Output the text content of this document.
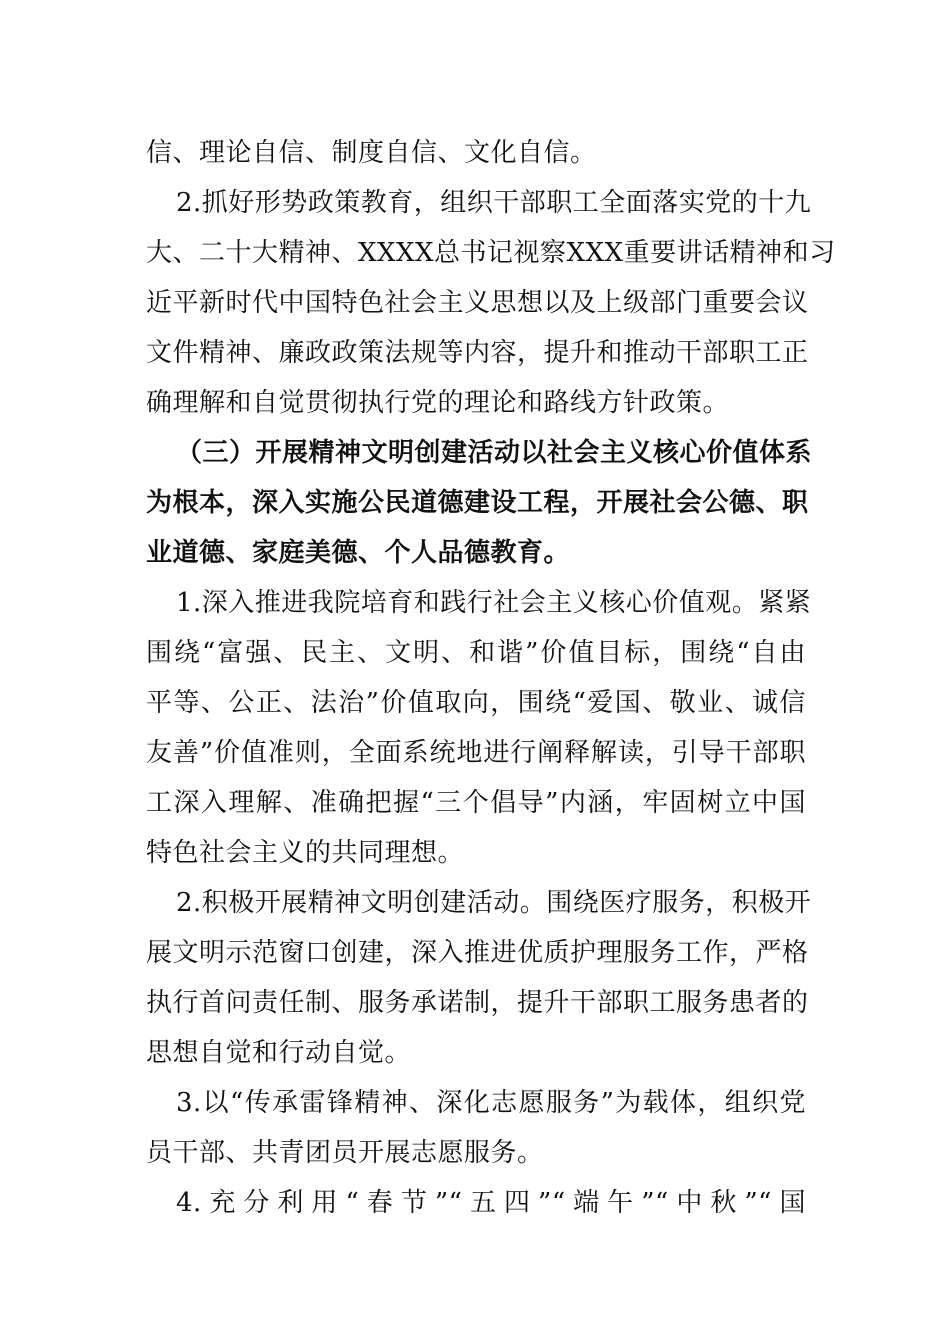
信、理论自信、制度自信、文化自信。
2.抓好形势政策教育，组织干部职工全面落实党的十九
大、二十大精神、XXXX总书记视察XXX重要讲话精神和习
近平新时代中国特色社会主义思想以及上级部门重要会议
文件精神、廉政政策法规等内容，提升和推动干部职工正
确理解和自觉贯彻执行党的理论和路线方针政策。
（三）开展精神文明创建活动以社会主义核心价值体系
为根本，深入实施公民道德建设工程，开展社会公德、职
业道德、家庭美德、个人品德教育。
1.深入推进我院培育和践行社会主义核心价值观。紧紧
围绕“富强、民主、文明、和谐”价值目标，围绕“自由
平等、公正、法治”价值取向，围绕“爱国、敬业、诚信
友善”价值准则，全面系统地进行阐释解读，引导干部职
工深入理解、准确把握“三个倡导”内涵，牢固树立中国
特色社会主义的共同理想。
2.积极开展精神文明创建活动。围绕医疗服务，积极开
展文明示范窗口创建，深入推进优质护理服务工作，严格
执行首问责任制、服务承诺制，提升干部职工服务患者的
思想自觉和行动自觉。
3.以“传承雷锋精神、深化志愿服务”为载体，组织党
员干部、共青团员开展志愿服务。
4.充分利用“春节”“五四”“端午”“中秋”“国
